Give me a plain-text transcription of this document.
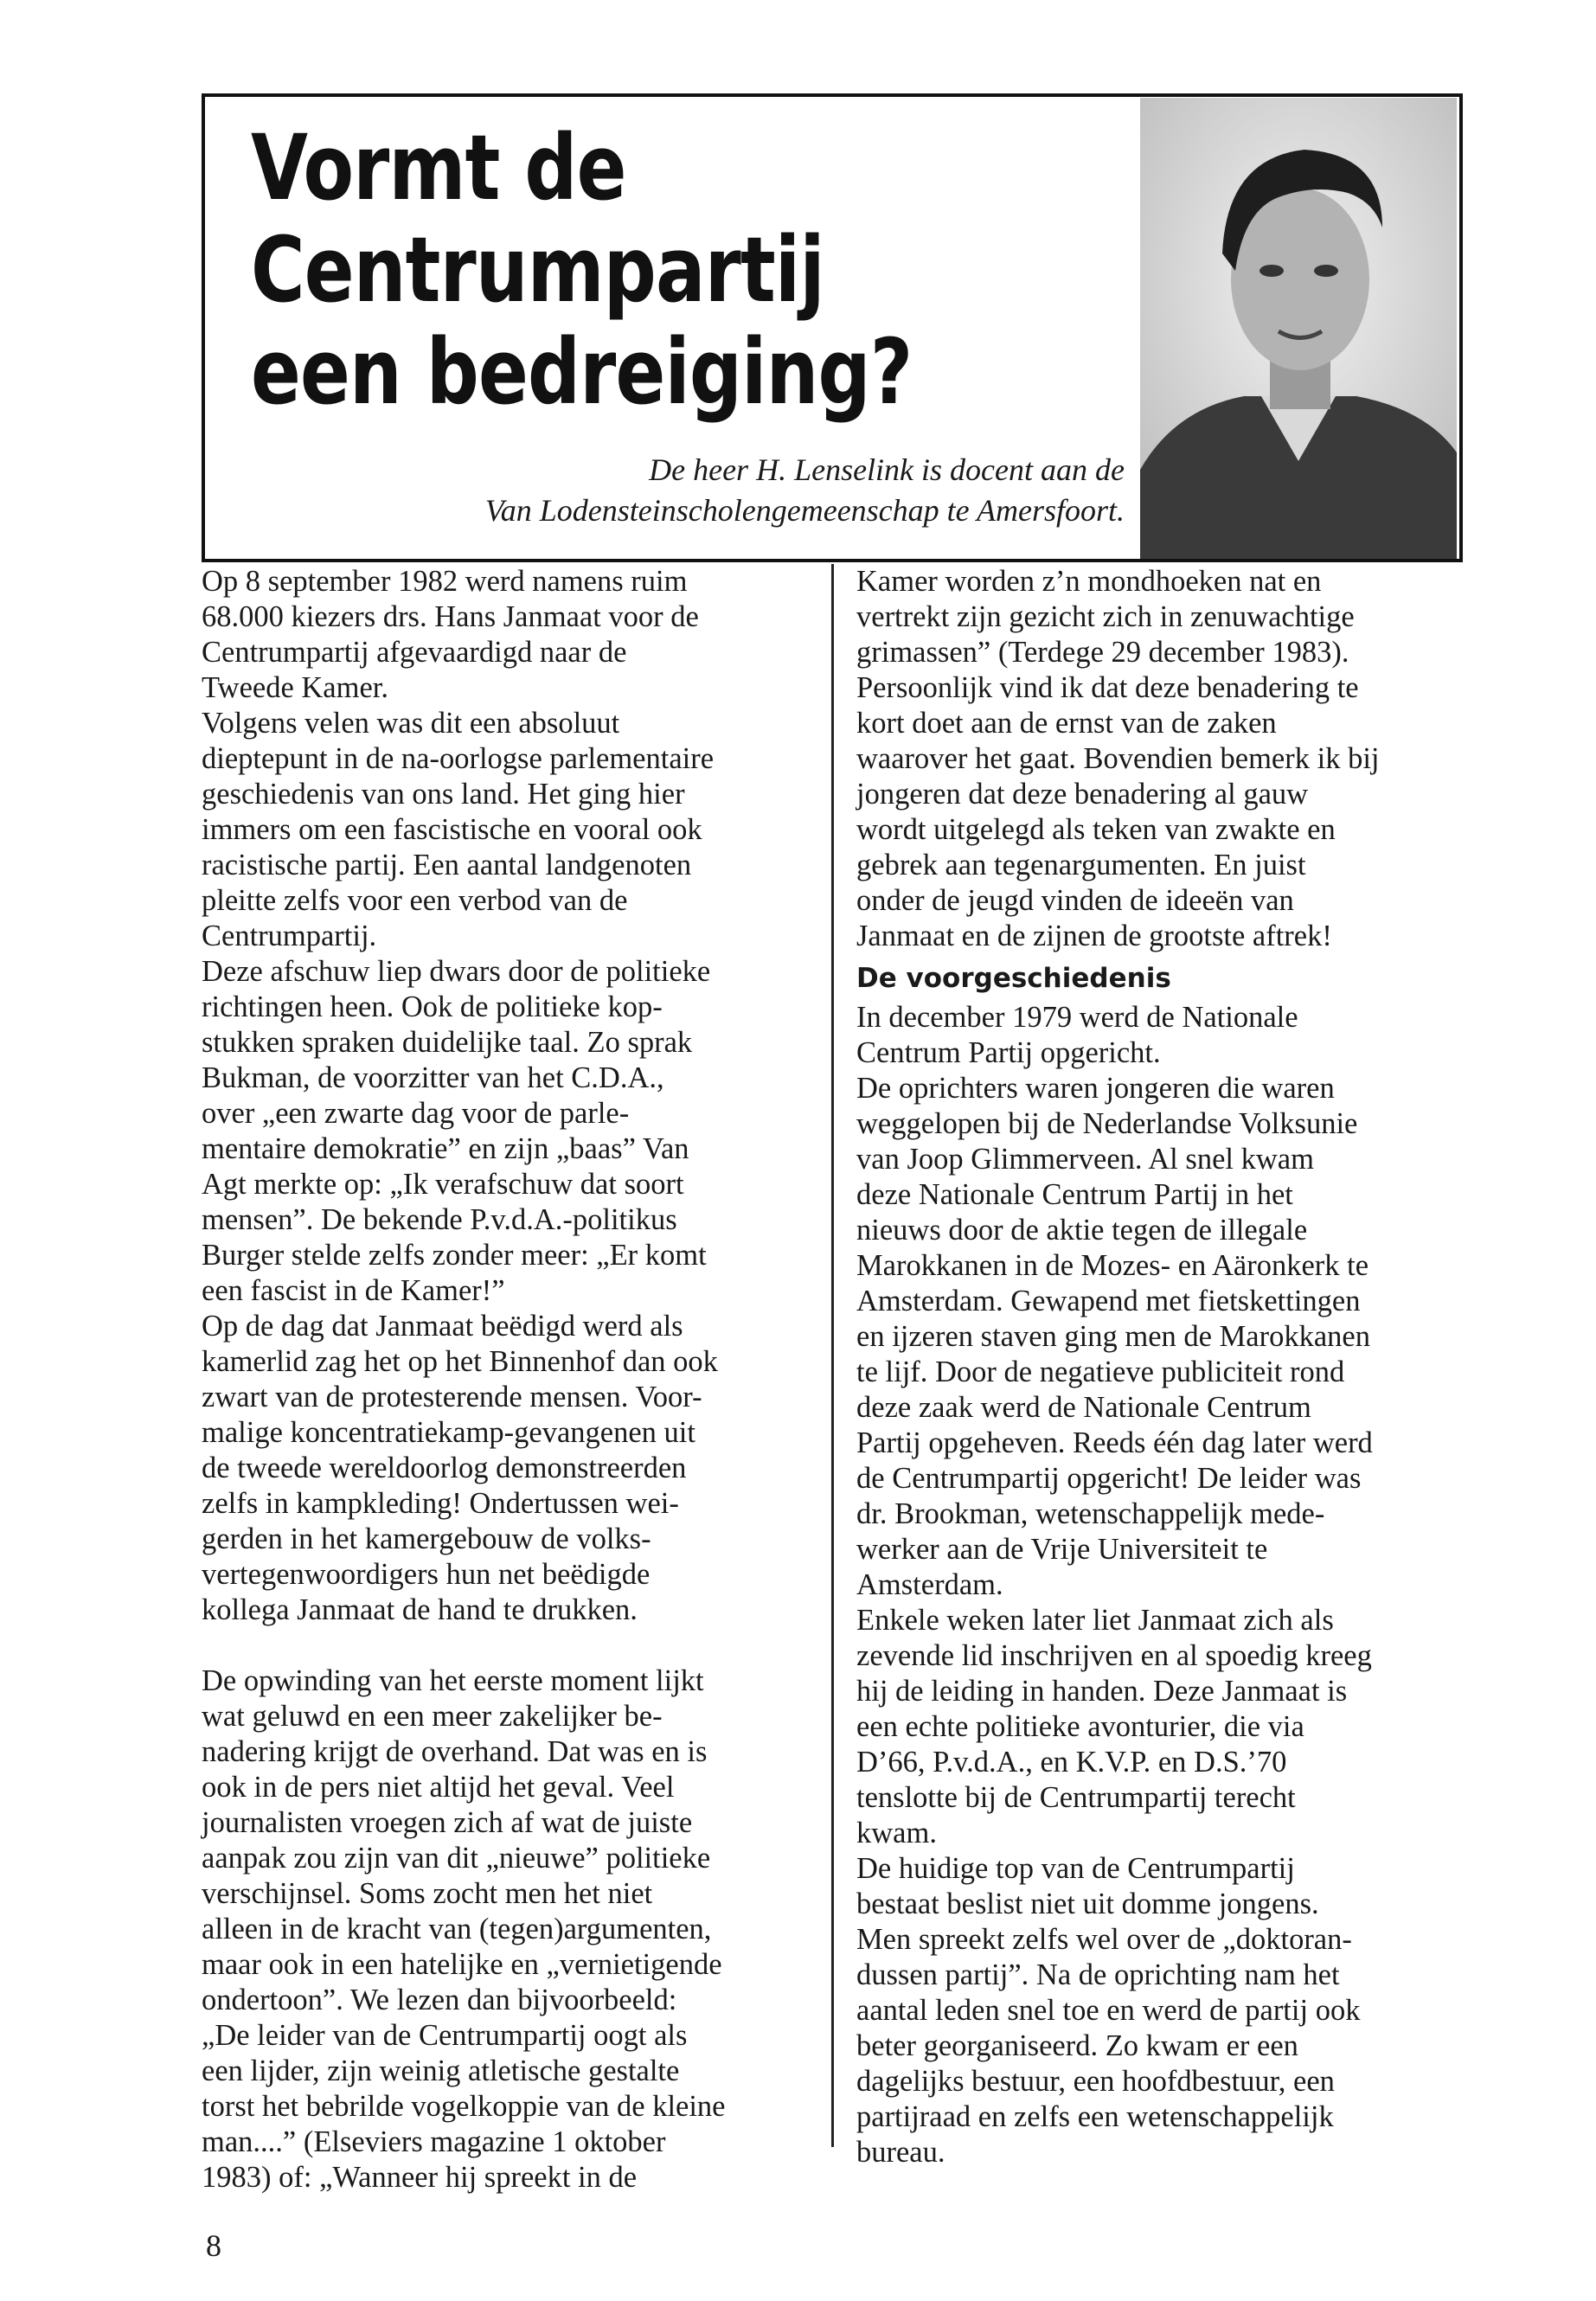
Vormt de Centrumpartij
een bedreiging?

De heer H. Lenselink is docent aan de
Van Lodensteinscholengemeenschap te Amersfoort.

Op 8 september 1982 werd namens ruim
68.000 kiezers drs. Hans Janmaat voor de
Centrumpartij afgevaardigd naar de
Tweede Kamer.
Volgens velen was dit een absoluut
dieptepunt in de na-oorlogse parlementaire
geschiedenis van ons land. Het ging hier
immers om een fascistische en vooral ook
racistische partij. Een aantal landgenoten
pleitte zelfs voor een verbod van de
Centrumpartij.
Deze afschuw liep dwars door de politieke
richtingen heen. Ook de politieke kop-
stukken spraken duidelijke taal. Zo sprak
Bukman, de voorzitter van het C.D.A.,
over „een zwarte dag voor de parle-
mentaire demokratie” en zijn „baas” Van
Agt merkte op: „Ik verafschuw dat soort
mensen”. De bekende P.v.d.A.-politikus
Burger stelde zelfs zonder meer: „Er komt
een fascist in de Kamer!”
Op de dag dat Janmaat beëdigd werd als
kamerlid zag het op het Binnenhof dan ook
zwart van de protesterende mensen. Voor-
malige koncentratiekamp-gevangenen uit
de tweede wereldoorlog demonstreerden
zelfs in kampkleding! Ondertussen wei-
gerden in het kamergebouw de volks-
vertegenwoordigers hun net beëdigde
kollega Janmaat de hand te drukken.

De opwinding van het eerste moment lijkt
wat geluwd en een meer zakelijker be-
nadering krijgt de overhand. Dat was en is
ook in de pers niet altijd het geval. Veel
journalisten vroegen zich af wat de juiste
aanpak zou zijn van dit „nieuwe” politieke
verschijnsel. Soms zocht men het niet
alleen in de kracht van (tegen)argumenten,
maar ook in een hatelijke en „vernietigende
ondertoon”. We lezen dan bijvoorbeeld:
„De leider van de Centrumpartij oogt als
een lijder, zijn weinig atletische gestalte
torst het bebrilde vogelkoppie van de kleine
man....” (Elseviers magazine 1 oktober
1983) of: „Wanneer hij spreekt in de

Kamer worden z’n mondhoeken nat en
vertrekt zijn gezicht zich in zenuwachtige
grimassen” (Terdege 29 december 1983).
Persoonlijk vind ik dat deze benadering te
kort doet aan de ernst van de zaken
waarover het gaat. Bovendien bemerk ik bij
jongeren dat deze benadering al gauw
wordt uitgelegd als teken van zwakte en
gebrek aan tegenargumenten. En juist
onder de jeugd vinden de ideeën van
Janmaat en de zijnen de grootste aftrek!

De voorgeschiedenis

In december 1979 werd de Nationale
Centrum Partij opgericht.
De oprichters waren jongeren die waren
weggelopen bij de Nederlandse Volksunie
van Joop Glimmerveen. Al snel kwam
deze Nationale Centrum Partij in het
nieuws door de aktie tegen de illegale
Marokkanen in de Mozes- en Aäronkerk te
Amsterdam. Gewapend met fietskettingen
en ijzeren staven ging men de Marokkanen
te lijf. Door de negatieve publiciteit rond
deze zaak werd de Nationale Centrum
Partij opgeheven. Reeds één dag later werd
de Centrumpartij opgericht! De leider was
dr. Brookman, wetenschappelijk mede-
werker aan de Vrije Universiteit te
Amsterdam.
Enkele weken later liet Janmaat zich als
zevende lid inschrijven en al spoedig kreeg
hij de leiding in handen. Deze Janmaat is
een echte politieke avonturier, die via
D’66, P.v.d.A., en K.V.P. en D.S.’70
tenslotte bij de Centrumpartij terecht
kwam.
De huidige top van de Centrumpartij
bestaat beslist niet uit domme jongens.
Men spreekt zelfs wel over de „doktoran-
dussen partij”. Na de oprichting nam het
aantal leden snel toe en werd de partij ook
beter georganiseerd. Zo kwam er een
dagelijks bestuur, een hoofdbestuur, een
partijraad en zelfs een wetenschappelijk
bureau.

8
